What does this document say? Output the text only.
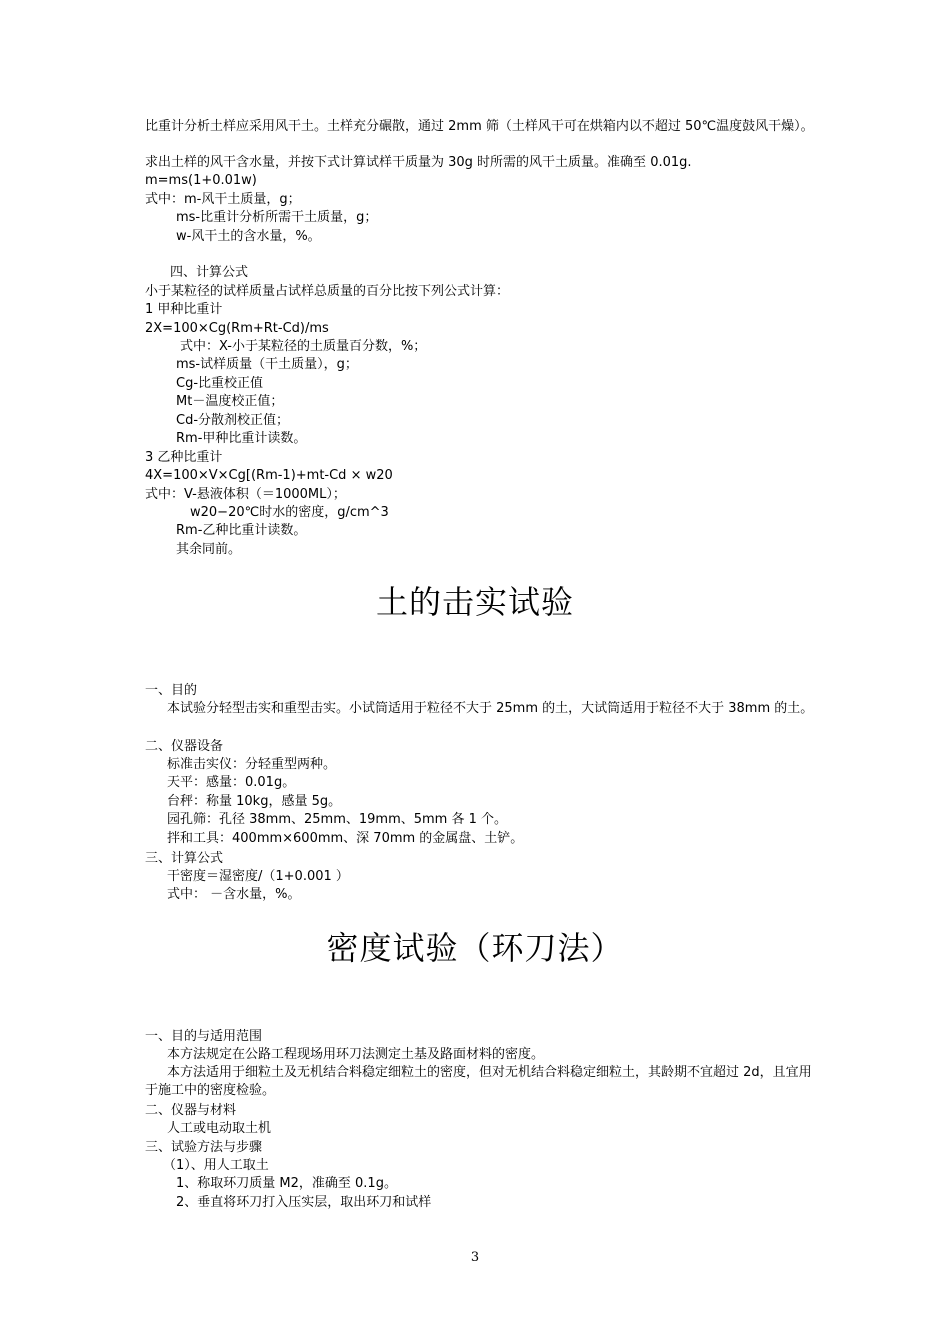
比重计分析土样应采用风干土。土样充分碾散，通过 2mm 筛（土样风干可在烘箱内以不超过 50℃温度鼓风干燥）。
求出土样的风干含水量，并按下式计算试样干质量为 30g 时所需的风干土质量。准确至 0.01g.
m=ms(1+0.01w)
式中：m-风干土质量，g；
ms-比重计分析所需干土质量，g；
w-风干土的含水量，%。
四、计算公式
小于某粒径的试样质量占试样总质量的百分比按下列公式计算：
1 甲种比重计
2X=100×Cg(Rm+Rt-Cd)/ms
式中：X-小于某粒径的土质量百分数，%；
ms-试样质量（干土质量），g；
Cg-比重校正值
Mt－温度校正值；
Cd-分散剂校正值；
Rm-甲种比重计读数。
3 乙种比重计
4X=100×V×Cg[(Rm-1)+mt-Cd × w20
式中：V-悬液体积（＝1000ML）；
w20−20℃时水的密度，g/cm^3
Rm-乙种比重计读数。
其余同前。
土的击实试验
一、目的
本试验分轻型击实和重型击实。小试筒适用于粒径不大于 25mm 的土，大试筒适用于粒径不大于 38mm 的土。
二、仪器设备
标准击实仪：分轻重型两种。
天平：感量：0.01g。
台秤：称量 10kg，感量 5g。
园孔筛：孔径 38mm、25mm、19mm、5mm 各 1 个。
拌和工具：400mm×600mm、深 70mm 的金属盘、土铲。
三、计算公式
干密度＝湿密度/（1+0.001 ）
式中： －含水量，%。
密度试验（环刀法）
一、目的与适用范围
本方法规定在公路工程现场用环刀法测定土基及路面材料的密度。
本方法适用于细粒土及无机结合料稳定细粒土的密度，但对无机结合料稳定细粒土，其龄期不宜超过 2d，且宜用于施工中的密度检验。
二、仪器与材料
人工或电动取土机
三、试验方法与步骤
（1）、用人工取土
1、称取环刀质量 M2，准确至 0.1g。
2、垂直将环刀打入压实层，取出环刀和试样
3
